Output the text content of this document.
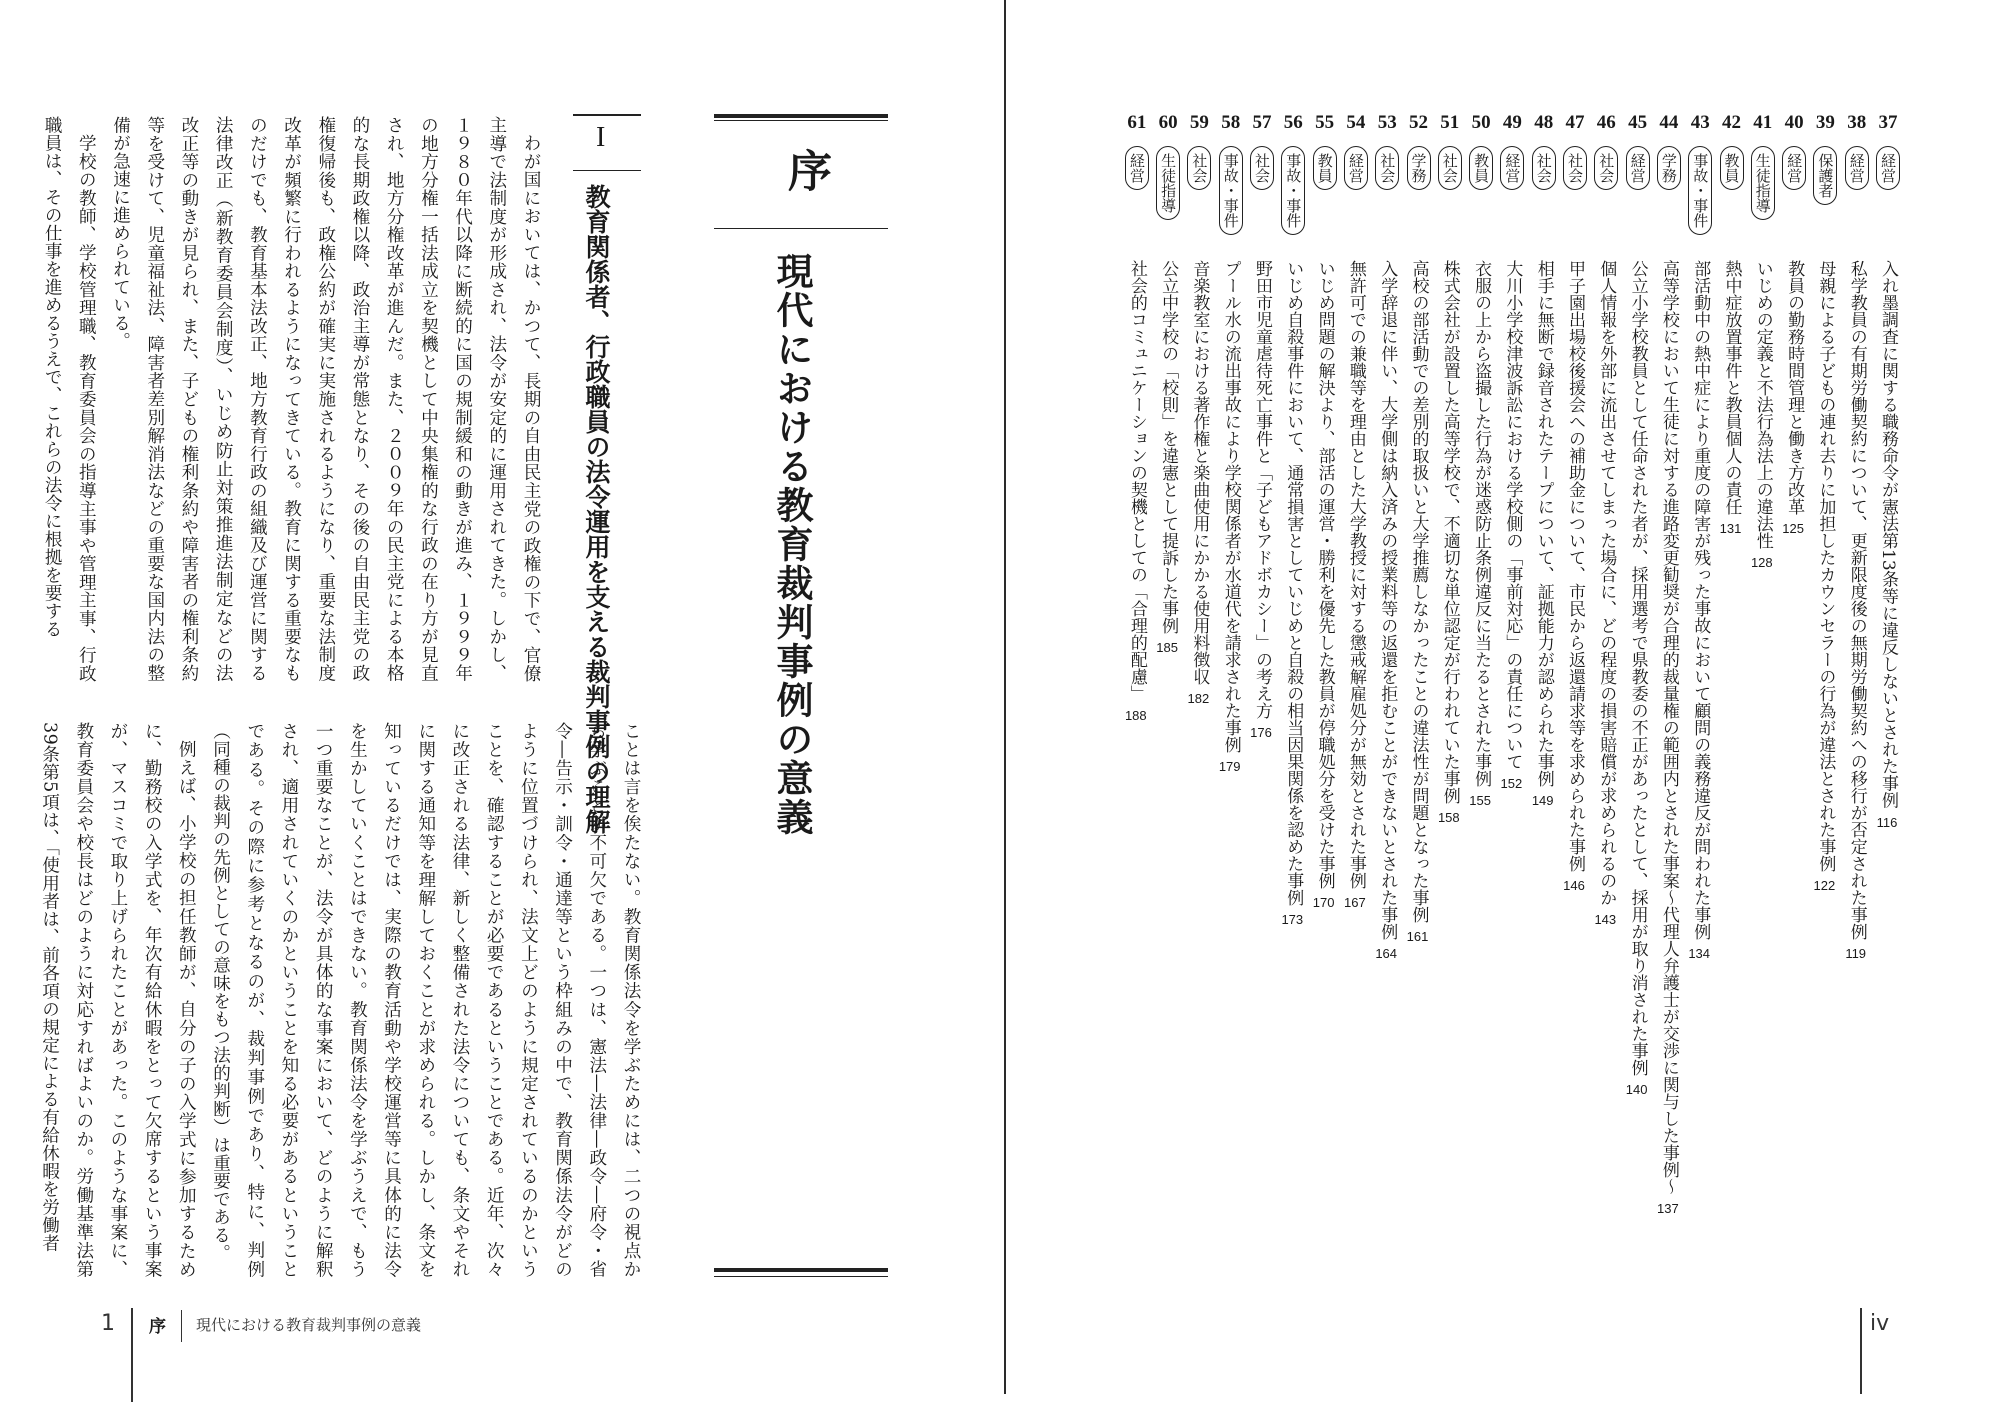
序
現代における教育裁判事例の意義
I
教育関係者、行政職員の法令運用を支える裁判事例の理解

わが国においては、かつて、長期の自由民主党の政権の下で、官僚主導で法制度が形成され、法令が安定的に運用されてきた。しかし、１９８０年代以降に断続的に国の規制緩和の動きが進み、１９９９年の地方分権一括法成立を契機として中央集権的な行政の在り方が見直され、地方分権改革が進んだ。また、２００９年の民主党による本格的な長期政権以降、政治主導が常態となり、その後の自由民主党の政権復帰後も、政権公約が確実に実施されるようになり、重要な法制度改革が頻繁に行われるようになってきている。教育に関する重要なものだけでも、教育基本法改正、地方教育行政の組織及び運営に関する法律改正（新教育委員会制度）、いじめ防止対策推進法制定などの法改正等の動きが見られ、また、子どもの権利条約や障害者の権利条約等を受けて、児童福祉法、障害者差別解消法などの重要な国内法の整備が急速に進められている。

学校の教師、学校管理職、教育委員会の指導主事や管理主事、行政職員は、その仕事を進めるうえで、これらの法令に根拠を要する

ことは言を俟たない。教育関係法令を学ぶためには、二つの視点から学ぶことが不可欠である。一つは、憲法―法律―政令―府令・省令―告示・訓令・通達等という枠組みの中で、教育関係法令がどのように位置づけられ、法文上どのように規定されているのかということを、確認することが必要であるということである。近年、次々に改正される法律、新しく整備された法令についても、条文やそれに関する通知等を理解しておくことが求められる。しかし、条文を知っているだけでは、実際の教育活動や学校運営等に具体的に法令を生かしていくことはできない。教育関係法令を学ぶうえで、もう一つ重要なことが、法令が具体的な事案において、どのように解釈され、適用されていくのかということを知る必要があるということである。その際に参考となるのが、裁判事例であり、特に、判例（同種の裁判の先例としての意味をもつ法的判断）は重要である。

例えば、小学校の担任教師が、自分の子の入学式に参加するために、勤務校の入学式を、年次有給休暇をとって欠席するという事案が、マスコミで取り上げられたことがあった。このような事案に、教育委員会や校長はどのように対応すればよいのか。労働基準法第39条第5項は、「使用者は、前各項の規定による有給休暇を労働者

1 序 現代における教育裁判事例の意義
37
経営
入れ墨調査に関する職務命令が憲法第13条等に違反しないとされた事例
116
38
経営
私学教員の有期労働契約について、更新限度後の無期労働契約への移行が否定された事例
119
39
保護者
母親による子どもの連れ去りに加担したカウンセラーの行為が違法とされた事例
122
40
経営
教員の勤務時間管理と働き方改革
125
41
生徒指導
いじめの定義と不法行為法上の違法性
128
42
教員
熱中症放置事件と教員個人の責任
131
43
事故・事件
部活動中の熱中症により重度の障害が残った事故において顧問の義務違反が問われた事例
134
44
学務
高等学校において生徒に対する進路変更勧奨が合理的裁量権の範囲内とされた事案～代理人弁護士が交渉に関与した事例～
137
45
経営
公立小学校教員として任命された者が、採用選考で県教委の不正があったとして、採用が取り消された事例
140
46
社会
個人情報を外部に流出させてしまった場合に、どの程度の損害賠償が求められるのか
143
47
社会
甲子園出場校後援会への補助金について、市民から返還請求等を求められた事例
146
48
社会
相手に無断で録音されたテープについて、証拠能力が認められた事例
149
49
経営
大川小学校津波訴訟における学校側の「事前対応」の責任について
152
50
教員
衣服の上から盗撮した行為が迷惑防止条例違反に当たるとされた事例
155
51
社会
株式会社が設置した高等学校で、不適切な単位認定が行われていた事例
158
52
学務
高校の部活動での差別的取扱いと大学推薦しなかったことの違法性が問題となった事例
161
53
社会
入学辞退に伴い、大学側は納入済みの授業料等の返還を拒むことができないとされた事例
164
54
経営
無許可での兼職等を理由とした大学教授に対する懲戒解雇処分が無効とされた事例
167
55
教員
いじめ問題の解決より、部活の運営・勝利を優先した教員が停職処分を受けた事例
170
56
事故・事件
いじめ自殺事件において、通常損害としていじめと自殺の相当因果関係を認めた事例
173
57
社会
野田市児童虐待死亡事件と「子どもアドボカシー」の考え方
176
58
事故・事件
プール水の流出事故により学校関係者が水道代を請求された事例
179
59
社会
音楽教室における著作権と楽曲使用にかかる使用料徴収
182
60
生徒指導
公立中学校の「校則」を違憲として提訴した事例
185
61
経営
社会的コミュニケーションの契機としての「合理的配慮」
188
iv
